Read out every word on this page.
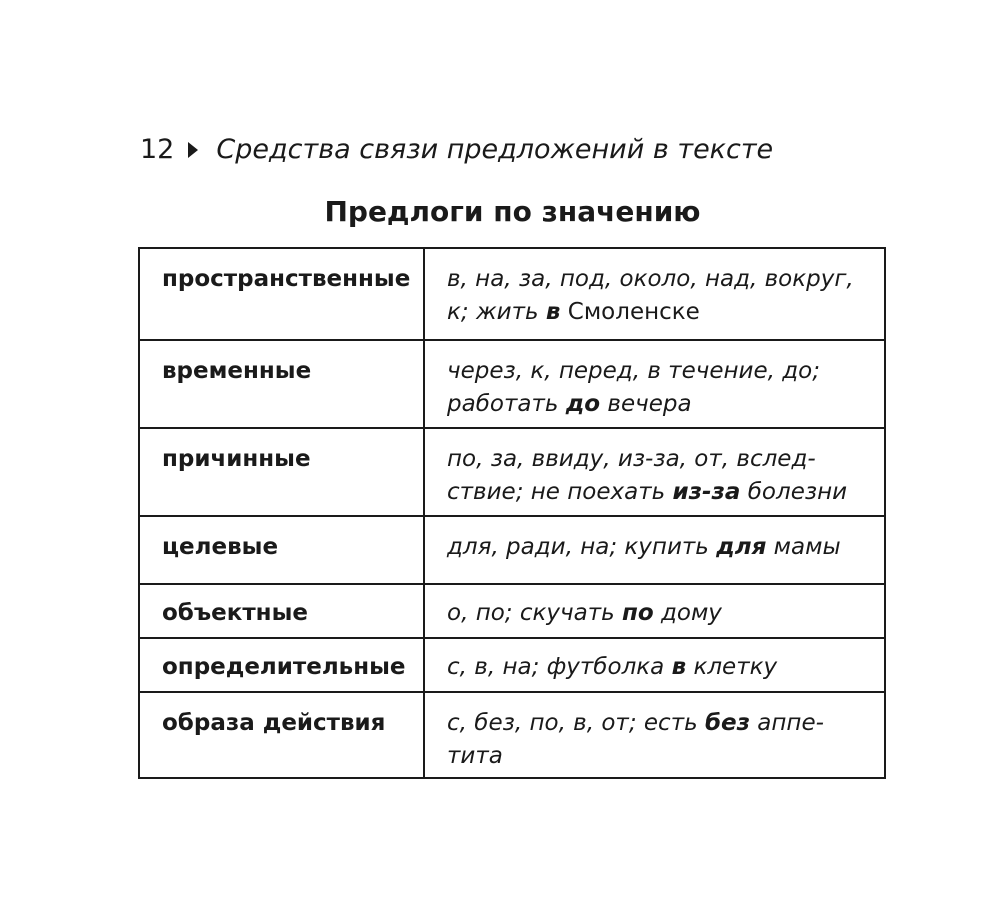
12 Средства связи предложений в тексте
Предлоги по значению
пространственные	в, на, за, под, около, над, вокруг,
к; жить в Смоленске
временные	через, к, перед, в течение, до;
работать до вечера
причинные	по, за, ввиду, из-за, от, вслед-
ствие; не поехать из-за болезни
целевые	для, ради, на; купить для мамы
объектные	о, по; скучать по дому
определительные	с, в, на; футболка в клетку
образа действия	с, без, по, в, от; есть без аппе-
тита
